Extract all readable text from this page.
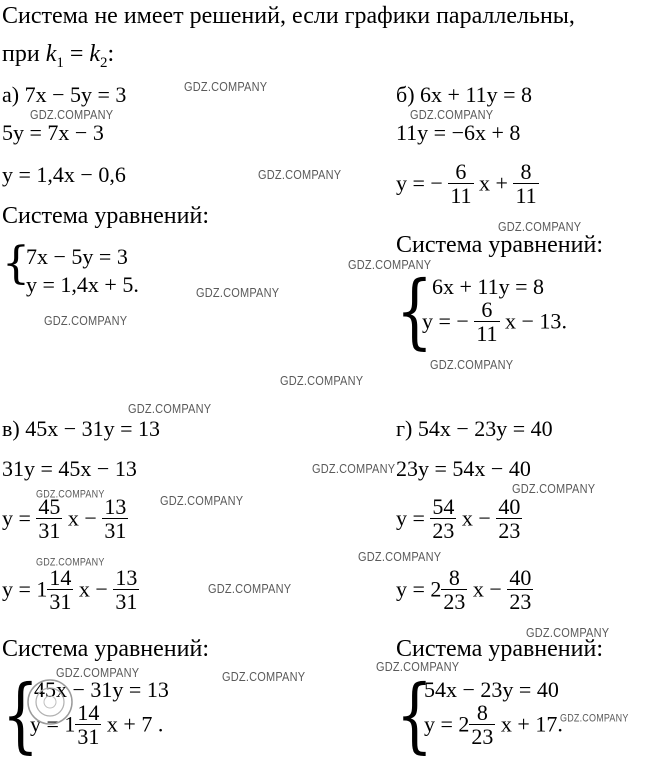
Система не имеет решений, если графики параллельны,
при $k_1 = k_2$:
а) 7x − 5y = 3
5y = 7x − 3
y = 1,4x − 0,6
Система уравнений:
{
7x − 5y = 3
y = 1,4x + 5.
б) 6x + 11y = 8
11y = −6x + 8
y = − $\frac{6}{11}$ $x + \frac{8}{11}$
Система уравнений:
{ 6x + 11y = 8
y = − $\frac{6}{11}$ x − 13.
в) 45x − 31y = 13
31y = 45x − 13
$y = \frac{45}{31}$ $x - \frac{13}{31}$
$y = 1 \frac{14}{31}$ $x - \frac{13}{31}$
Система уравнений:
{
45x − 31y = 13
$y = 1 \frac{14}{31}$ x + 7 .
г) 54x − 23y = 40
23y = 54x − 40
$y = \frac{54}{23}$ $x - \frac{40}{23}$
$y = 2 \frac{8}{23}$ $x - \frac{40}{23}$
Система уравнений:
{
54x − 23y = 40
$y = 2 \frac{8}{23}$ x + 17.
GDZ.COMPANY
GDZ.COMPANY	GDZ.COMPANY
GDZ.COMPANY
GDZ.COMPANY
GDZ.COMPANY
GDZ.COMPANY
GDZ.COMPANY
GDZ.COMPANY
GDZ.COMPANY
GDZ.COMPANY
GDZ.COMPANY
GDZ.COMPANY
GDZ.COMPANY	GDZ.COMPANY
GDZ.COMPANY
GDZ.COMPANY
GDZ.COMPANY
GDZ.COMPANY
GDZ.COMPANY
GDZ.COMPANY	GDZ.COMPANY
GDZ.COMPANY
